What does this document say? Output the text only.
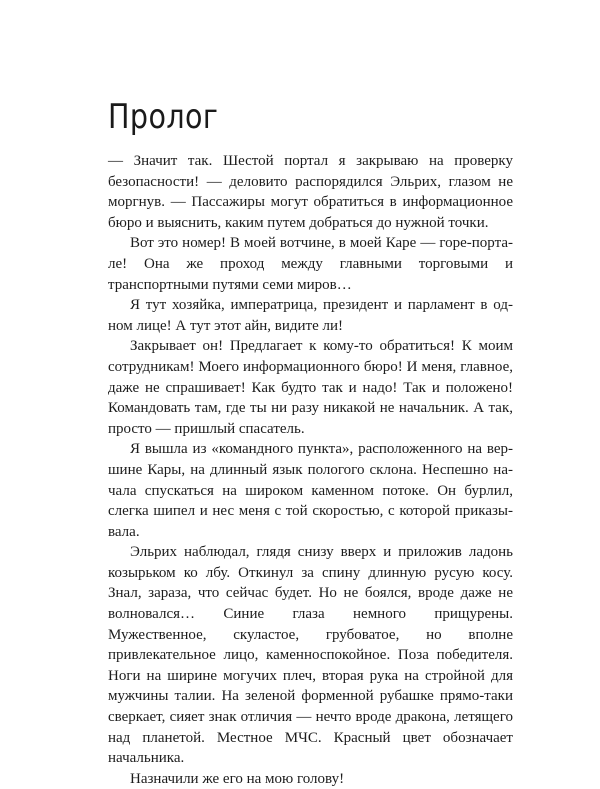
Пролог

— Значит так. Шестой портал я закрываю на проверку безопасности! — деловито распорядился Эльрих, глазом не моргнув. — Пассажиры могут обратиться в информационное бюро и выяснить, каким путем добраться до нужной точки.

Вот это номер! В моей вотчине, в моей Каре — горе-портале! Она же проход между главными торговыми и транспортными путями семи миров…

Я тут хозяйка, императрица, президент и парламент в одном лице! А тут этот айн, видите ли!

Закрывает он! Предлагает к кому-то обратиться! К моим сотрудникам! Моего информационного бюро! И меня, главное, даже не спрашивает! Как будто так и надо! Так и положено! Командовать там, где ты ни разу никакой не начальник. А так, просто — пришлый спасатель.

Я вышла из «командного пункта», расположенного на вершине Кары, на длинный язык пологого склона. Неспешно начала спускаться на широком каменном потоке. Он бурлил, слегка шипел и нес меня с той скоростью, с которой приказывала.

Эльрих наблюдал, глядя снизу вверх и приложив ладонь козырьком ко лбу. Откинул за спину длинную русую косу. Знал, зараза, что сейчас будет. Но не боялся, вроде даже не волновался… Синие глаза немного прищурены. Мужественное, скуластое, грубоватое, но вполне привлекательное лицо, каменноспокойное. Поза победителя. Ноги на ширине могучих плеч, вторая рука на стройной для мужчины талии. На зеленой форменной рубашке прямо-таки сверкает, сияет знак отличия — нечто вроде дракона, летящего над планетой. Местное МЧС. Красный цвет обозначает начальника.

Назначили же его на мою голову!
